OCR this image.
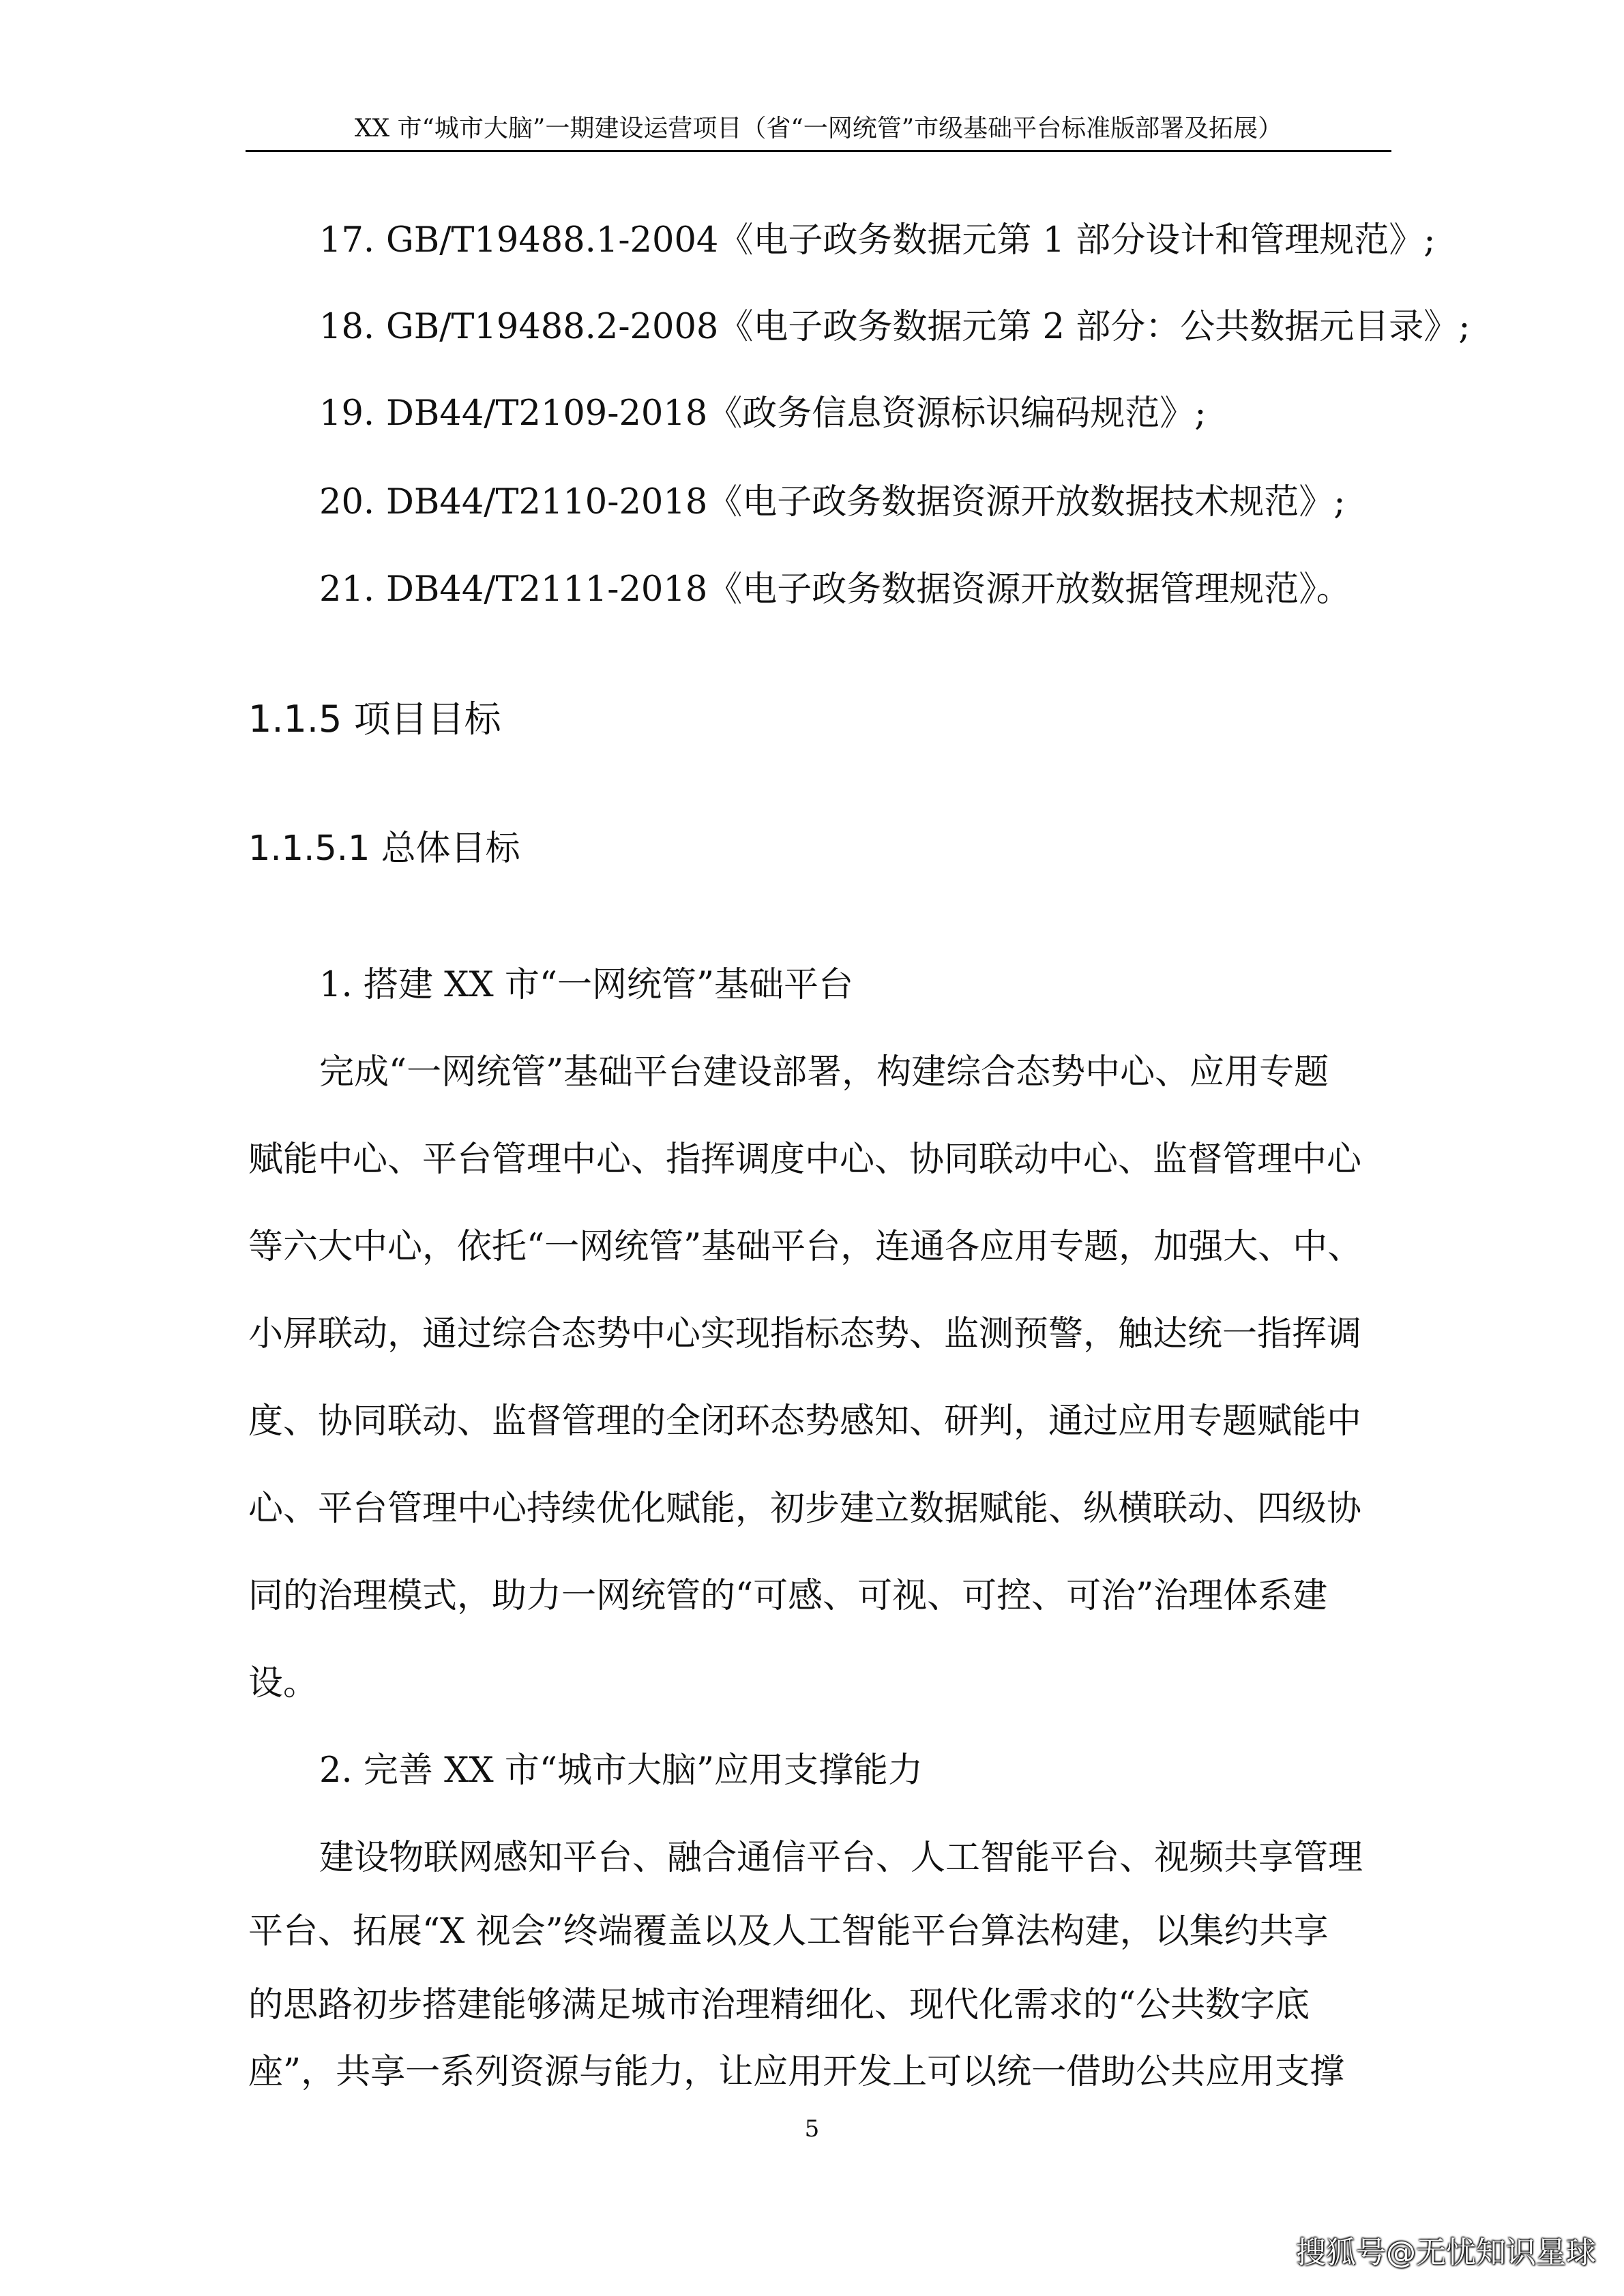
XX 市“城市大脑”一期建设运营项目（省“一网统管”市级基础平台标准版部署及拓展）
17. GB/T19488.1-2004《电子政务数据元第 1 部分设计和管理规范》;
18. GB/T19488.2-2008《电子政务数据元第 2 部分：公共数据元目录》;
19. DB44/T2109-2018《政务信息资源标识编码规范》;
20. DB44/T2110-2018《电子政务数据资源开放数据技术规范》;
21. DB44/T2111-2018《电子政务数据资源开放数据管理规范》。
1.1.5 项目目标
1.1.5.1 总体目标
1. 搭建 XX 市“一网统管”基础平台
完成“一网统管”基础平台建设部署，构建综合态势中心、应用专题
赋能中心、平台管理中心、指挥调度中心、协同联动中心、监督管理中心
等六大中心，依托“一网统管”基础平台，连通各应用专题，加强大、中、
小屏联动，通过综合态势中心实现指标态势、监测预警，触达统一指挥调
度、协同联动、监督管理的全闭环态势感知、研判，通过应用专题赋能中
心、平台管理中心持续优化赋能，初步建立数据赋能、纵横联动、四级协
同的治理模式，助力一网统管的“可感、可视、可控、可治”治理体系建
设。
2. 完善 XX 市“城市大脑”应用支撑能力
建设物联网感知平台、融合通信平台、人工智能平台、视频共享管理
平台、拓展“X 视会”终端覆盖以及人工智能平台算法构建，以集约共享
的思路初步搭建能够满足城市治理精细化、现代化需求的“公共数字底
5
搜狐号@无忧知识星球
座”，共享一系列资源与能力，让应用开发上可以统一借助公共应用支撑
